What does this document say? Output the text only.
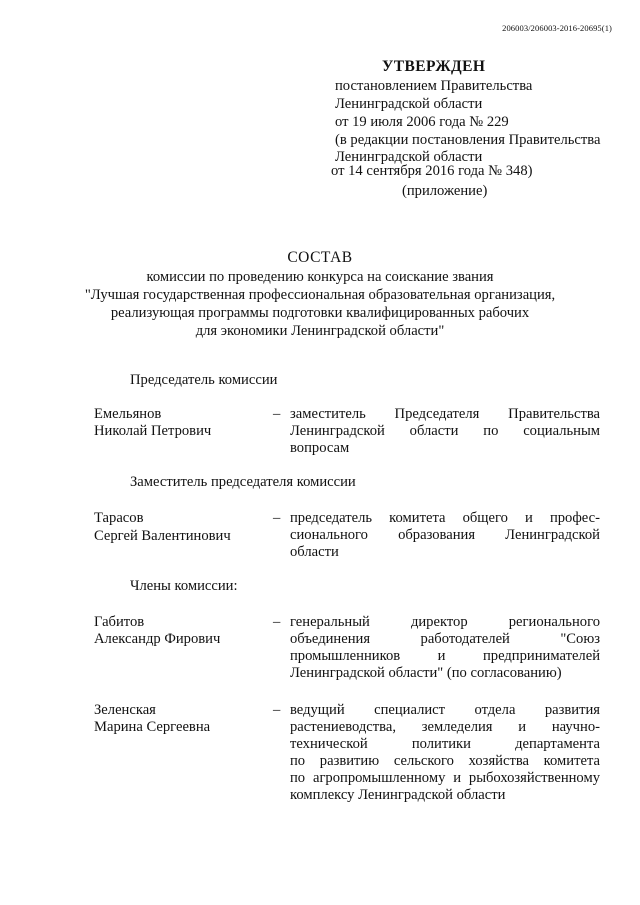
206003/206003-2016-20695(1)
УТВЕРЖДЕН
постановлением Правительства
Ленинградской области
от 19 июля 2006 года № 229
(в редакции постановления Правительства
Ленинградской области
от 14 сентября 2016 года № 348)
(приложение)
СОСТАВ
комиссии по проведению конкурса на соискание звания
"Лучшая государственная профессиональная образовательная организация,
реализующая программы подготовки квалифицированных рабочих
для экономики Ленинградской области"
Председатель комиссии
Емельянов
Николай Петрович
– заместитель Председателя Правительства
Ленинградской области по социальным
вопросам
Заместитель председателя комиссии
Тарасов
Сергей Валентинович
– председатель комитета общего и профес-
сионального образования Ленинградской
области
Члены комиссии:
Габитов
Александр Фирович
– генеральный директор регионального
объединения работодателей "Союз
промышленников и предпринимателей
Ленинградской области" (по согласованию)
Зеленская
Марина Сергеевна
– ведущий специалист отдела развития
растениеводства, земледелия и научно-
технической политики департамента
по развитию сельского хозяйства комитета
по агропромышленному и рыбохозяйственному
комплексу Ленинградской области
